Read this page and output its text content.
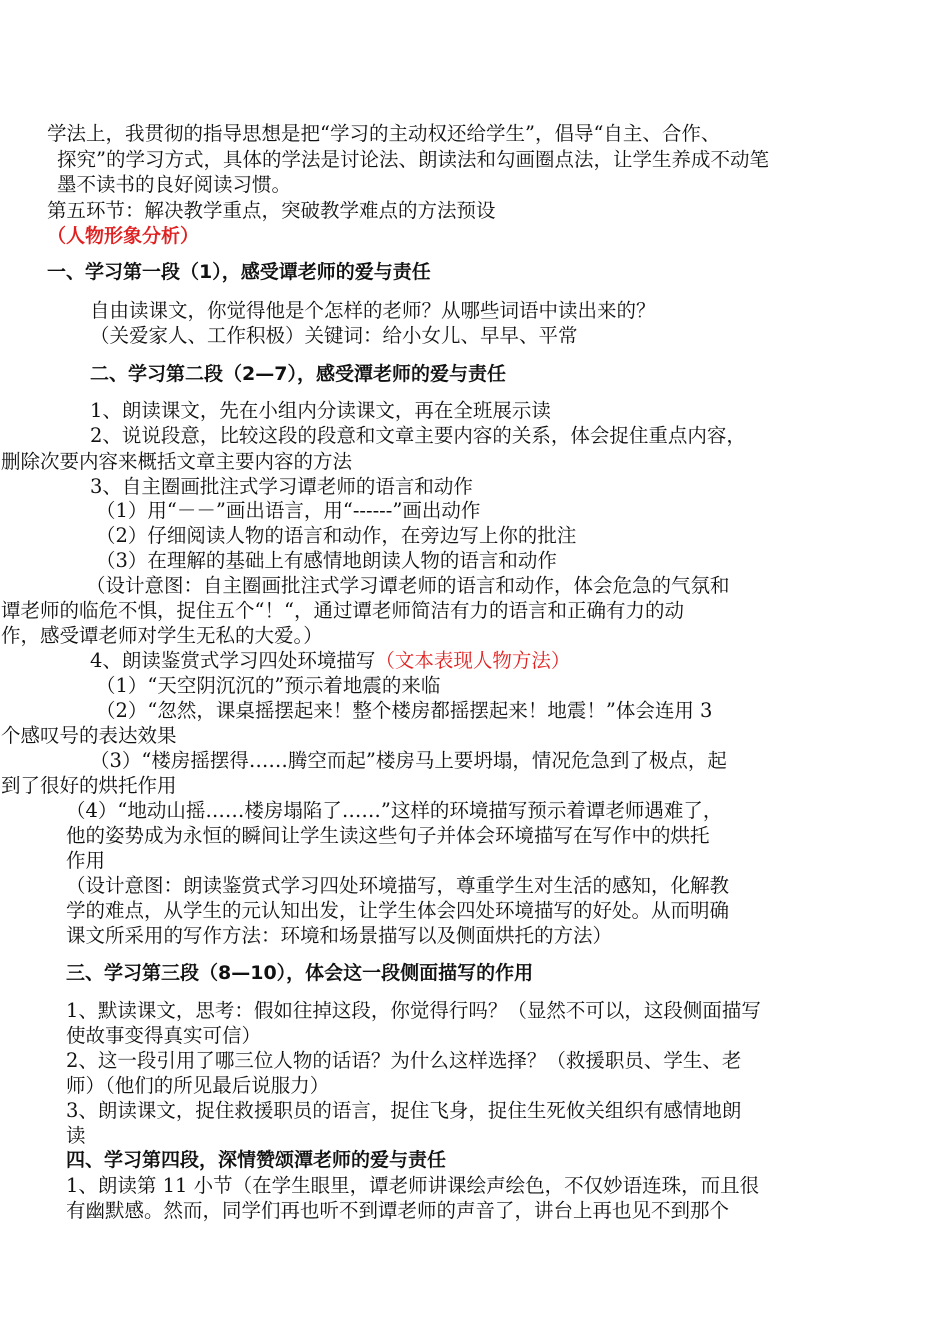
学法上，我贯彻的指导思想是把“学习的主动权还给学生”，倡导“自主、合作、
探究”的学习方式，具体的学法是讨论法、朗读法和勾画圈点法，让学生养成不动笔
墨不读书的良好阅读习惯。
第五环节：解决教学重点，突破教学难点的方法预设
（人物形象分析）
一、学习第一段（1），感受谭老师的爱与责任
自由读课文，你觉得他是个怎样的老师？从哪些词语中读出来的？
（关爱家人、工作积极）关键词：给小女儿、早早、平常
二、学习第二段（2—7），感受潭老师的爱与责任
1、朗读课文，先在小组内分读课文，再在全班展示读
2、说说段意，比较这段的段意和文章主要内容的关系，体会捉住重点内容，
删除次要内容来概括文章主要内容的方法
3、自主圈画批注式学习谭老师的语言和动作
（1）用“－－”画出语言，用“------”画出动作
（2）仔细阅读人物的语言和动作，在旁边写上你的批注
（3）在理解的基础上有感情地朗读人物的语言和动作
（设计意图：自主圈画批注式学习谭老师的语言和动作，体会危急的气氛和
谭老师的临危不惧，捉住五个“！“，通过谭老师简洁有力的语言和正确有力的动
作，感受谭老师对学生无私的大爱。）
4、朗读鉴赏式学习四处环境描写（文本表现人物方法）
（1）“天空阴沉沉的”预示着地震的来临
（2）“忽然，课桌摇摆起来！整个楼房都摇摆起来！地震！”体会连用 3
个感叹号的表达效果
（3）“楼房摇摆得……腾空而起”楼房马上要坍塌，情况危急到了极点，起
到了很好的烘托作用
（4）“地动山摇……楼房塌陷了……”这样的环境描写预示着谭老师遇难了，
他的姿势成为永恒的瞬间让学生读这些句子并体会环境描写在写作中的烘托
作用
（设计意图：朗读鉴赏式学习四处环境描写，尊重学生对生活的感知，化解教
学的难点，从学生的元认知出发，让学生体会四处环境描写的好处。从而明确
课文所采用的写作方法：环境和场景描写以及侧面烘托的方法）
三、学习第三段（8—10），体会这一段侧面描写的作用
1、默读课文，思考：假如往掉这段，你觉得行吗？（显然不可以，这段侧面描写
使故事变得真实可信）
2、这一段引用了哪三位人物的话语？为什么这样选择？（救援职员、学生、老
师）（他们的所见最后说服力）
3、朗读课文，捉住救援职员的语言，捉住飞身，捉住生死攸关组织有感情地朗
读
四、学习第四段，深情赞颂潭老师的爱与责任
1、朗读第 11 小节（在学生眼里，谭老师讲课绘声绘色，不仅妙语连珠，而且很
有幽默感。然而，同学们再也听不到谭老师的声音了，讲台上再也见不到那个
